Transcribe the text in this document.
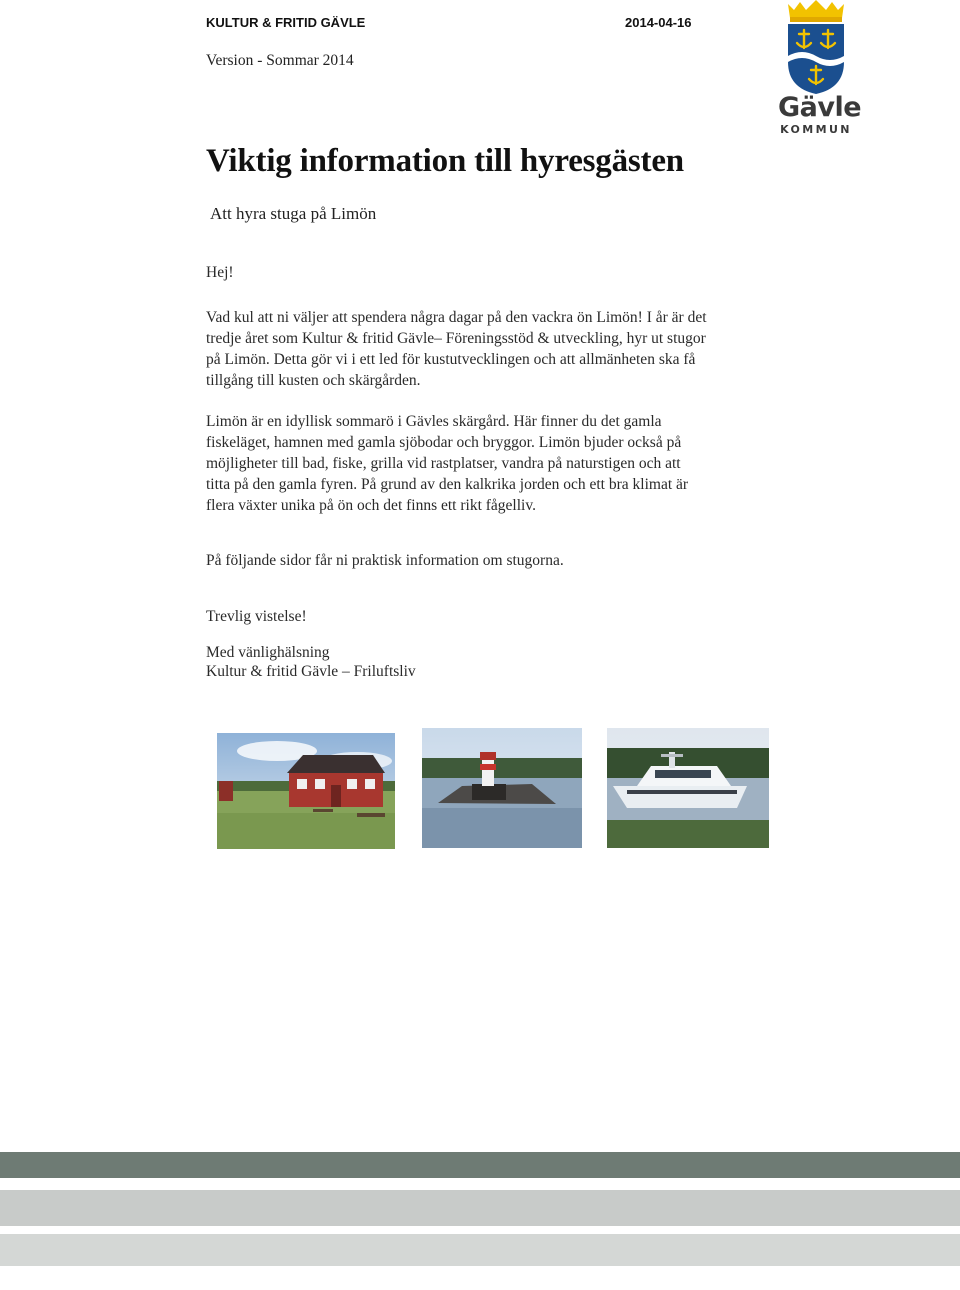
KULTUR & FRITID GÄVLE	2014-04-16
Version - Sommar 2014
Gävle
KOMMUN
Viktig information till hyresgästen
Att hyra stuga på Limön
Hej!

Vad kul att ni väljer att spendera några dagar på den vackra ön Limön! I år är det

tredje året som Kultur & fritid Gävle– Föreningsstöd & utveckling, hyr ut stugor

på Limön. Detta gör vi i ett led för kustutvecklingen och att allmänheten ska få

tillgång till kusten och skärgården.

Limön är en idyllisk sommarö i Gävles skärgård. Här finner du det gamla

fiskeläget, hamnen med gamla sjöbodar och bryggor. Limön bjuder också på

möjligheter till bad, fiske, grilla vid rastplatser, vandra på naturstigen och att

titta på den gamla fyren. På grund av den kalkrika jorden och ett bra klimat är

flera växter unika på ön och det finns ett rikt fågelliv.

På följande sidor får ni praktisk information om stugorna.
Trevlig vistelse!
Med vänlighälsning
Kultur & fritid Gävle – Friluftsliv
